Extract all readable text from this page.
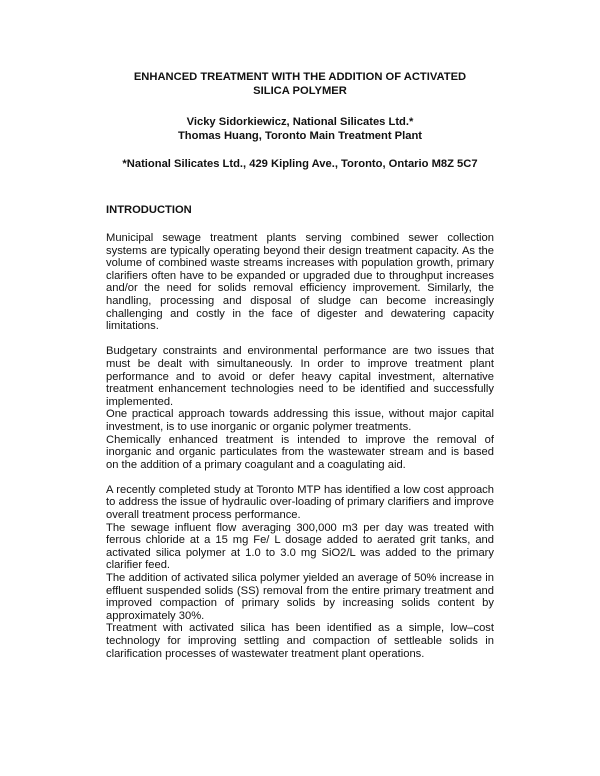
ENHANCED TREATMENT WITH THE ADDITION OF ACTIVATED
SILICA POLYMER
Vicky Sidorkiewicz, National Silicates Ltd.*
Thomas Huang, Toronto Main Treatment Plant
*National Silicates Ltd., 429 Kipling Ave., Toronto, Ontario M8Z 5C7
INTRODUCTION

Municipal sewage treatment plants serving combined sewer collection systems are typically operating beyond their design treatment capacity. As the volume of combined waste streams increases with population growth, primary clarifiers often have to be expanded or upgraded due to throughput increases and/or the need for solids removal efficiency improvement. Similarly, the handling, processing and disposal of sludge can become increasingly challenging and costly in the face of digester and dewatering capacity limitations.

Budgetary constraints and environmental performance are two issues that must be dealt with simultaneously. In order to improve treatment plant performance and to avoid or defer heavy capital investment, alternative treatment enhancement technologies need to be identified and successfully implemented.

One practical approach towards addressing this issue, without major capital investment, is to use inorganic or organic polymer treatments.

Chemically enhanced treatment is intended to improve the removal of inorganic and organic particulates from the wastewater stream and is based on the addition of a primary coagulant and a coagulating aid.

A recently completed study at Toronto MTP has identified a low cost approach to address the issue of hydraulic over-loading of primary clarifiers and improve overall treatment process performance.

The sewage influent flow averaging 300,000 m3 per day was treated with ferrous chloride at a 15 mg Fe/ L dosage added to aerated grit tanks, and activated silica polymer at 1.0 to 3.0 mg SiO2/L was added to the primary clarifier feed.

The addition of activated silica polymer yielded an average of 50% increase in effluent suspended solids (SS) removal from the entire primary treatment and improved compaction of primary solids by increasing solids content by approximately 30%.

Treatment with activated silica has been identified as a simple, low–cost technology for improving settling and compaction of settleable solids in clarification processes of wastewater treatment plant operations.
